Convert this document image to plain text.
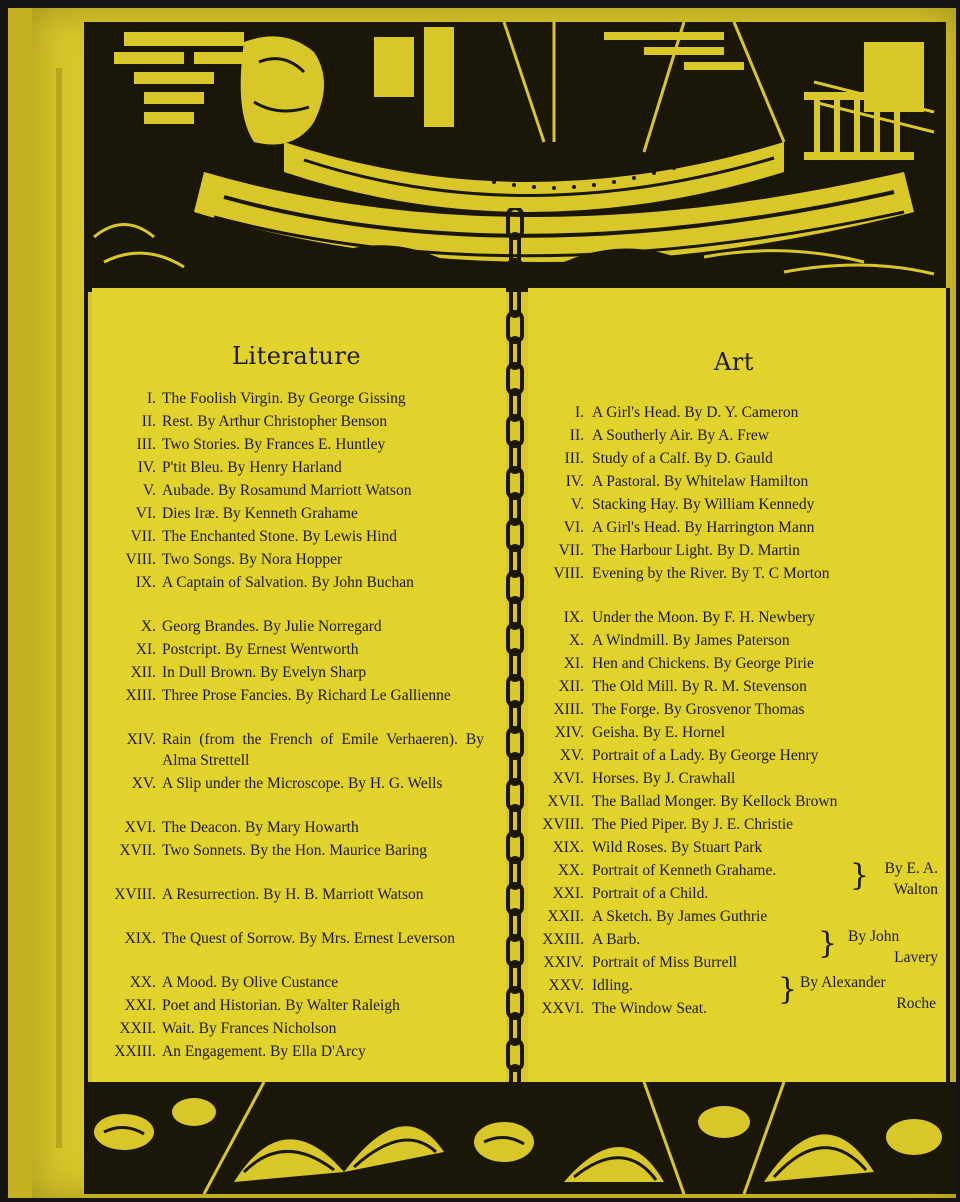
Literature
I. The Foolish Virgin. By George Gissing
II. Rest. By Arthur Christopher Benson
III. Two Stories. By Frances E. Huntley
IV. P'tit Bleu. By Henry Harland
V. Aubade. By Rosamund Marriott Watson
VI. Dies Iræ. By Kenneth Grahame
VII. The Enchanted Stone. By Lewis Hind
VIII. Two Songs. By Nora Hopper
IX. A Captain of Salvation. By John Buchan
X. Georg Brandes. By Julie Norregard
XI. Postcript. By Ernest Wentworth
XII. In Dull Brown. By Evelyn Sharp
XIII. Three Prose Fancies. By Richard Le Gallienne
XIV. Rain (from the French of Emile Verhaeren). By Alma Strettell
XV. A Slip under the Microscope. By H. G. Wells
XVI. The Deacon. By Mary Howarth
XVII. Two Sonnets. By the Hon. Maurice Baring
XVIII. A Resurrection. By H. B. Marriott Watson
XIX. The Quest of Sorrow. By Mrs. Ernest Leverson
XX. A Mood. By Olive Custance
XXI. Poet and Historian. By Walter Raleigh
XXII. Wait. By Frances Nicholson
XXIII. An Engagement. By Ella D'Arcy
Art
I. A Girl's Head. By D. Y. Cameron
II. A Southerly Air. By A. Frew
III. Study of a Calf. By D. Gauld
IV. A Pastoral. By Whitelaw Hamilton
V. Stacking Hay. By William Kennedy
VI. A Girl's Head. By Harrington Mann
VII. The Harbour Light. By D. Martin
VIII. Evening by the River. By T. C Morton
IX. Under the Moon. By F. H. Newbery
X. A Windmill. By James Paterson
XI. Hen and Chickens. By George Pirie
XII. The Old Mill. By R. M. Stevenson
XIII. The Forge. By Grosvenor Thomas
XIV. Geisha. By E. Hornel
XV. Portrait of a Lady. By George Henry
XVI. Horses. By J. Crawhall
XVII. The Ballad Monger. By Kellock Brown
XVIII. The Pied Piper. By J. E. Christie
XIX. Wild Roses. By Stuart Park
XX. Portrait of Kenneth Grahame.
XXI. Portrait of a Child.
XXII. A Sketch. By James Guthrie
XXIII. A Barb.
XXIV. Portrait of Miss Burrell
XXV. Idling.
XXVI. The Window Seat.
}	By E. A.
Walton
} By John
Lavery
} By Alexander
Roche
